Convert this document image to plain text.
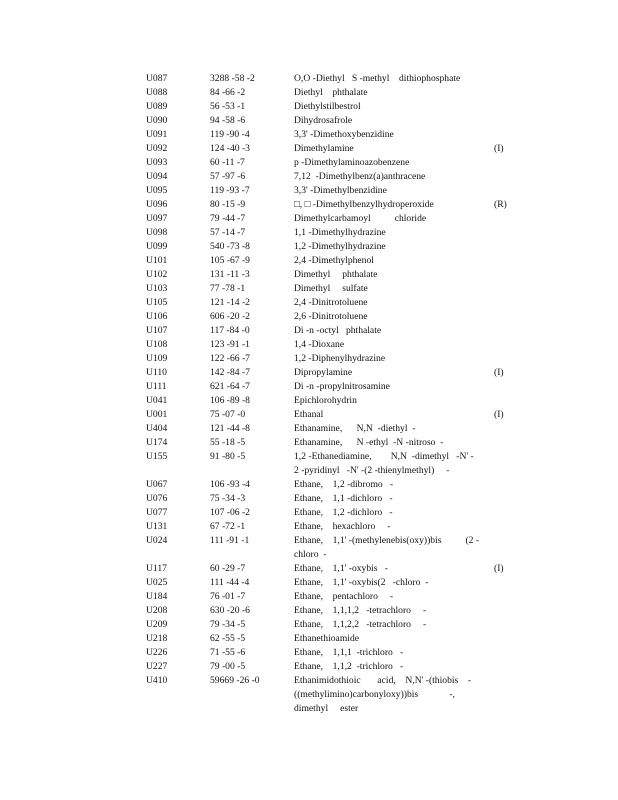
U087	3288 -58 -2	O,O -Diethyl   S -methyl    dithiophosphate
U088	84 -66 -2	Diethyl    phthalate
U089	56 -53 -1	Diethylstilbestrol
U090	94 -58 -6	Dihydrosafrole
U091	119 -90 -4	3,3' -Dimethoxybenzidine
U092	124 -40 -3	Dimethylamine	(I)
U093	60 -11 -7	p -Dimethylaminoazobenzene
U094	57 -97 -6	7,12  -Dimethylbenz(a)anthracene
U095	119 -93 -7	3,3' -Dimethylbenzidine
U096	80 -15 -9	□, □ -Dimethylbenzylhydroperoxide	(R)
U097	79 -44 -7	Dimethylcarbamoyl          chloride
U098	57 -14 -7	1,1 -Dimethylhydrazine
U099	540 -73 -8	1,2 -Dimethylhydrazine
U101	105 -67 -9	2,4 -Dimethylphenol
U102	131 -11 -3	Dimethyl     phthalate
U103	77 -78 -1	Dimethyl     sulfate
U105	121 -14 -2	2,4 -Dinitrotoluene
U106	606 -20 -2	2,6 -Dinitrotoluene
U107	117 -84 -0	Di -n -octyl   phthalate
U108	123 -91 -1	1,4 -Dioxane
U109	122 -66 -7	1,2 -Diphenylhydrazine
U110	142 -84 -7	Dipropylamine	(I)
U111	621 -64 -7	Di -n -propylnitrosamine
U041	106 -89 -8	Epichlorohydrin
U001	75 -07 -0	Ethanal	(I)
U404	121 -44 -8	Ethanamine,      N,N  -diethyl  -
U174	55 -18 -5	Ethanamine,      N -ethyl  -N -nitroso  -
U155	91 -80 -5	1,2 -Ethanediamine,        N,N  -dimethyl   -N' -
2 -pyridinyl   -N' -(2 -thienylmethyl)     -
U067	106 -93 -4	Ethane,    1,2 -dibromo   -
U076	75 -34 -3	Ethane,    1,1 -dichloro   -
U077	107 -06 -2	Ethane,    1,2 -dichloro   -
U131	67 -72 -1	Ethane,    hexachloro     -
U024	111 -91 -1	Ethane,    1,1' -(methylenebis(oxy))bis          (2 -
chloro  -
U117	60 -29 -7	Ethane,    1,1' -oxybis   -	(I)
U025	111 -44 -4	Ethane,    1,1' -oxybis(2   -chloro  -
U184	76 -01 -7	Ethane,    pentachloro     -
U208	630 -20 -6	Ethane,    1,1,1,2   -tetrachloro     -
U209	79 -34 -5	Ethane,    1,1,2,2   -tetrachloro     -
U218	62 -55 -5	Ethanethioamide
U226	71 -55 -6	Ethane,    1,1,1  -trichloro   -
U227	79 -00 -5	Ethane,    1,1,2  -trichloro   -
U410	59669 -26 -0	Ethanimidothioic       acid,    N,N' -(thiobis    -
((methylimino)carbonyloxy))bis             -,
dimethyl     ester
